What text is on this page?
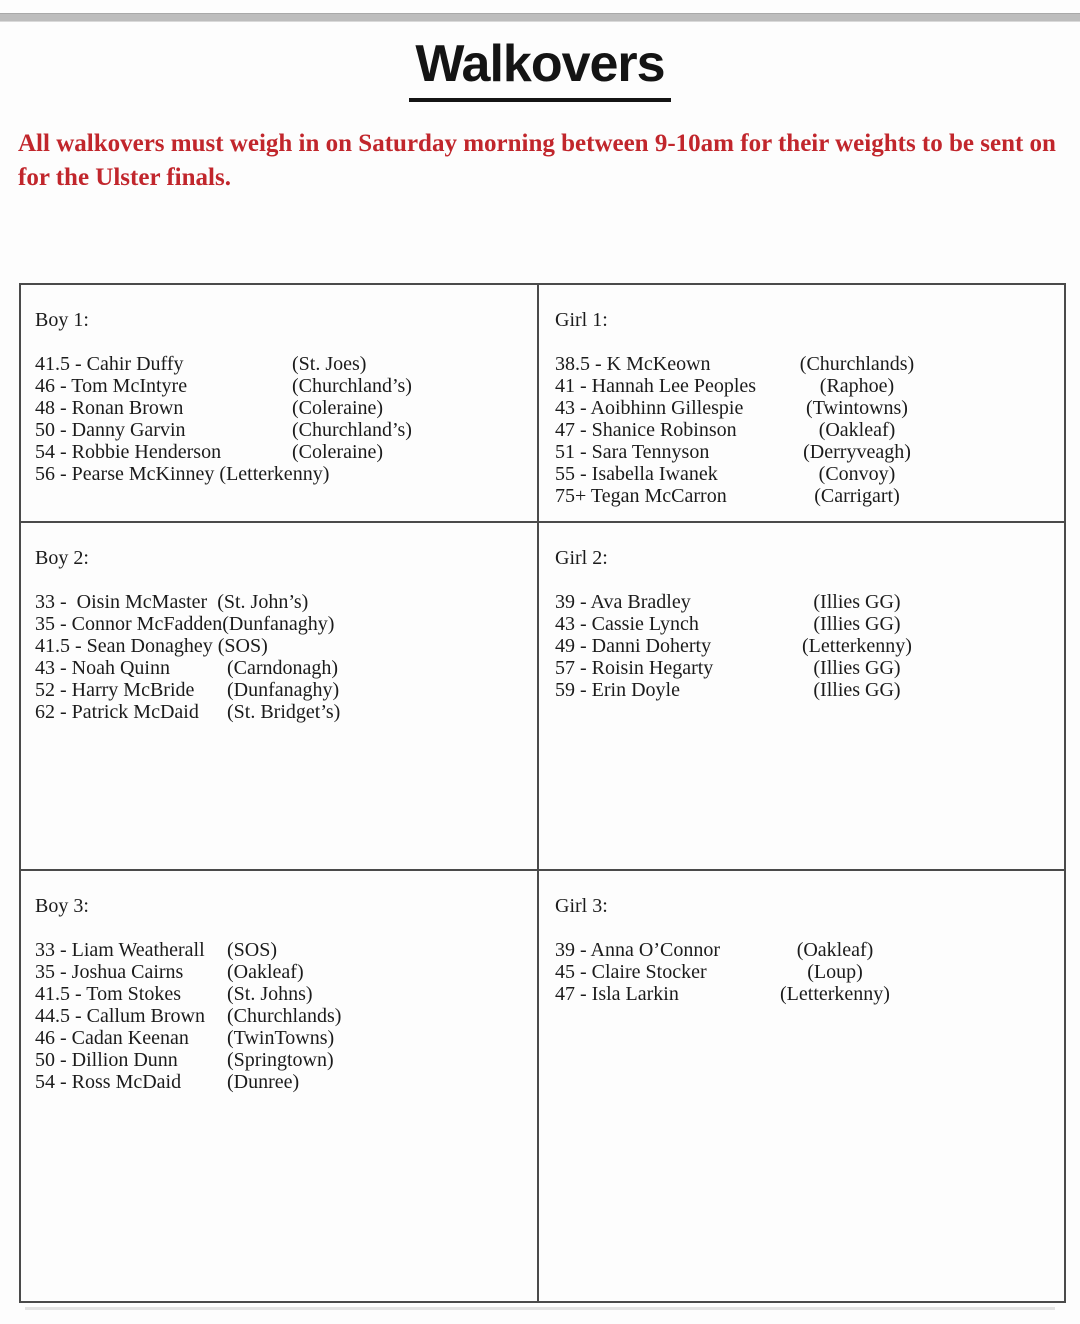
Walkovers
All walkovers must weigh in on Saturday morning between 9-10am for their weights to be sent on for the Ulster finals.
Boy 1:
41.5 - Cahir Duffy	(St. Joes)
46 - Tom McIntyre	(Churchland’s)
48 - Ronan Brown	(Coleraine)
50 - Danny Garvin	(Churchland’s)
54 - Robbie Henderson	(Coleraine)
56 - Pearse McKinney (Letterkenny)
Girl 1:
38.5 - K McKeown	(Churchlands)
41 - Hannah Lee Peoples	(Raphoe)
43 - Aoibhinn Gillespie	(Twintowns)
47 - Shanice Robinson	(Oakleaf)
51 - Sara Tennyson	(Derryveagh)
55 - Isabella Iwanek	(Convoy)
75+ Tegan McCarron	(Carrigart)
Boy 2:
33 -  Oisin McMaster (St. John’s)
35 - Connor McFadden (Dunfanaghy)
41.5 - Sean Donaghey (SOS)
43 - Noah Quinn	(Carndonagh)
52 - Harry McBride	(Dunfanaghy)
62 - Patrick McDaid	(St. Bridget’s)
Girl 2:
39 - Ava Bradley	(Illies GG)
43 - Cassie Lynch	(Illies GG)
49 - Danni Doherty	(Letterkenny)
57 - Roisin Hegarty	(Illies GG)
59 - Erin Doyle	(Illies GG)
Boy 3:
33 - Liam Weatherall	(SOS)
35 - Joshua Cairns	(Oakleaf)
41.5 - Tom Stokes	(St. Johns)
44.5 - Callum Brown	(Churchlands)
46 - Cadan Keenan	(TwinTowns)
50 - Dillion Dunn	(Springtown)
54 - Ross McDaid	(Dunree)
Girl 3:
39 - Anna O’Connor	(Oakleaf)
45 - Claire Stocker	(Loup)
47 - Isla Larkin	(Letterkenny)
